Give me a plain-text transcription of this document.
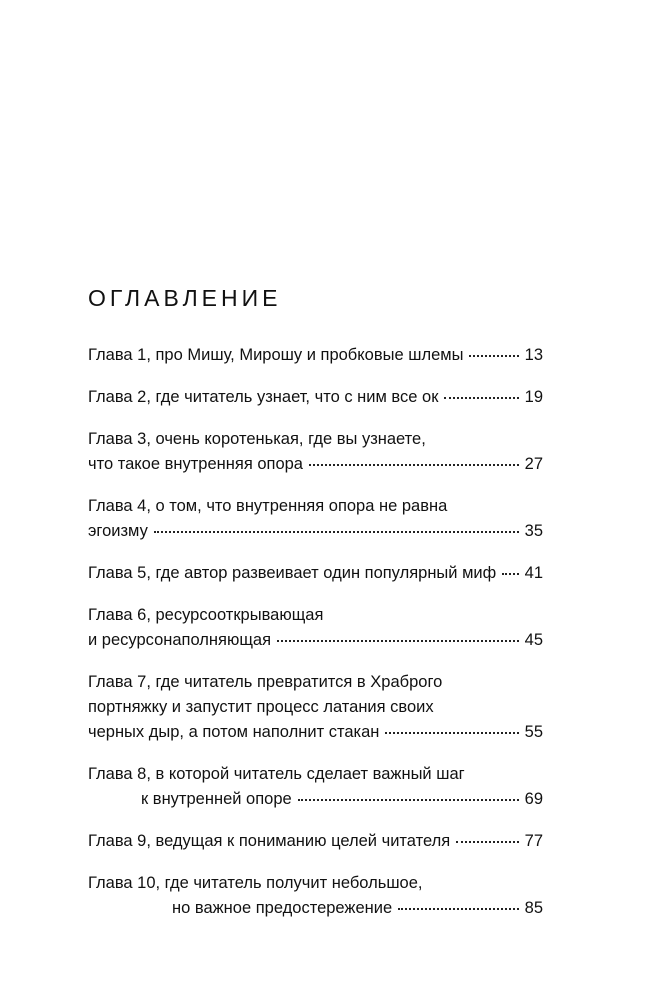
ОГЛАВЛЕНИЕ
Глава 1, про Мишу, Мирошу и пробковые шлемы	13
Глава 2, где читатель узнает, что с ним все ок	19
Глава 3, очень коротенькая, где вы узнаете,
что такое внутренняя опора	27
Глава 4, о том, что внутренняя опора не равна
эгоизму	35
Глава 5, где автор развеивает один популярный миф 41
Глава 6, ресурсооткрывающая
и ресурсонаполняющая	45
Глава 7, где читатель превратится в Храброго
портняжку и запустит процесс латания своих
черных дыр, а потом наполнит стакан	55
Глава 8, в которой читатель сделает важный шаг
к внутренней опоре	69
Глава 9, ведущая к пониманию целей читателя	77
Глава 10, где читатель получит небольшое,
но важное предостережение	85
